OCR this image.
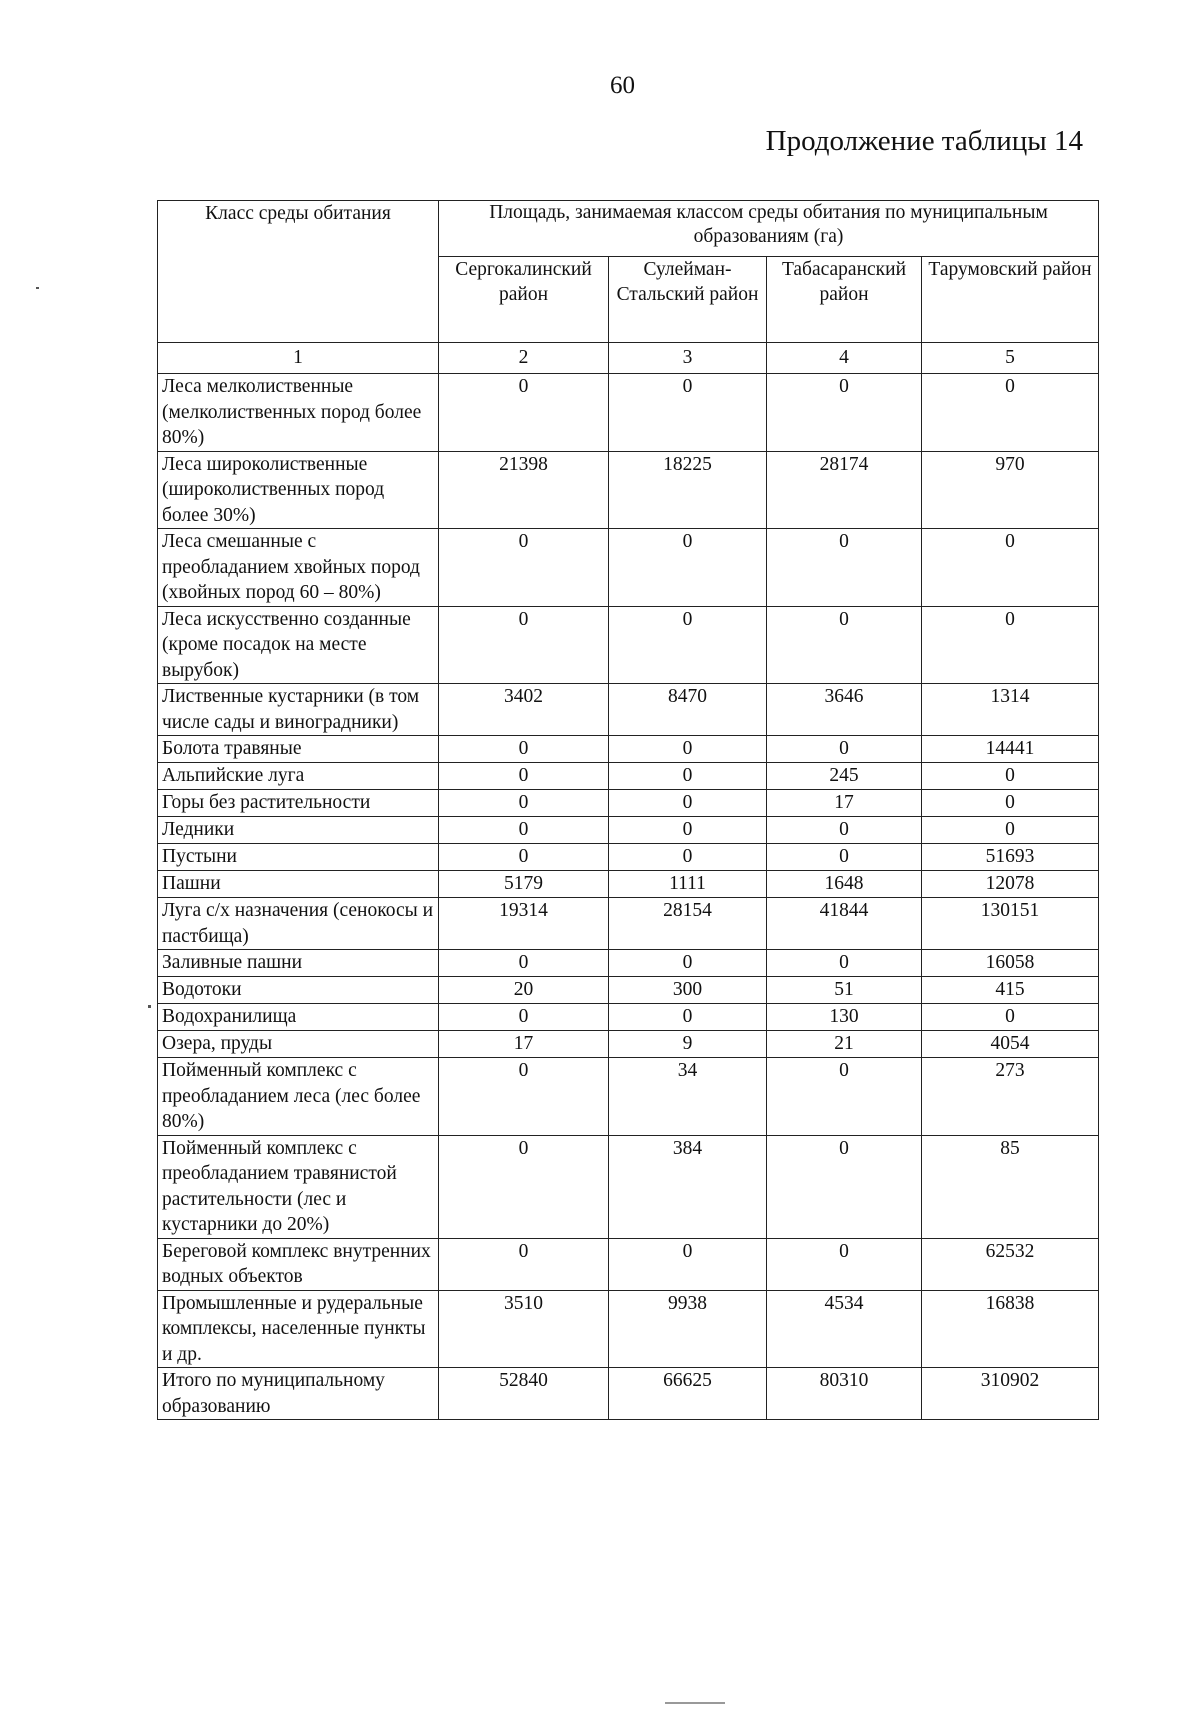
60
Продолжение таблицы 14
Класс среды обитания	Площадь, занимаемая классом среды обитания по муниципальным образованиям (га)			
	Сергокалинский район	Сулейман-Стальский район	Табасаранский район	Тарумовский район
1	2	3	4	5
Леса мелколиственные (мелколиственных пород более 80%)	0	0	0	0
Леса широколиственные (широколиственных пород более 30%)	21398	18225	28174	970
Леса смешанные с преобладанием хвойных пород (хвойных пород 60 – 80%)	0	0	0	0
Леса искусственно созданные (кроме посадок на месте вырубок)	0	0	0	0
Лиственные кустарники (в том числе сады и виноградники)	3402	8470	3646	1314
Болота травяные	0	0	0	14441
Альпийские луга	0	0	245	0
Горы без растительности	0	0	17	0
Ледники	0	0	0	0
Пустыни	0	0	0	51693
Пашни	5179	1111	1648	12078
Луга с/х назначения (сенокосы и пастбища)	19314	28154	41844	130151
Заливные пашни	0	0	0	16058
Водотоки	20	300	51	415
Водохранилища	0	0	130	0
Озера, пруды	17	9	21	4054
Пойменный комплекс с преобладанием леса (лес более 80%)	0	34	0	273
Пойменный комплекс с преобладанием травянистой растительности (лес и кустарники до 20%)	0	384	0	85
Береговой комплекс внутренних водных объектов	0	0	0	62532
Промышленные и рудеральные комплексы, населенные пункты и др.	3510	9938	4534	16838
Итого по муниципальному образованию	52840	66625	80310	310902
